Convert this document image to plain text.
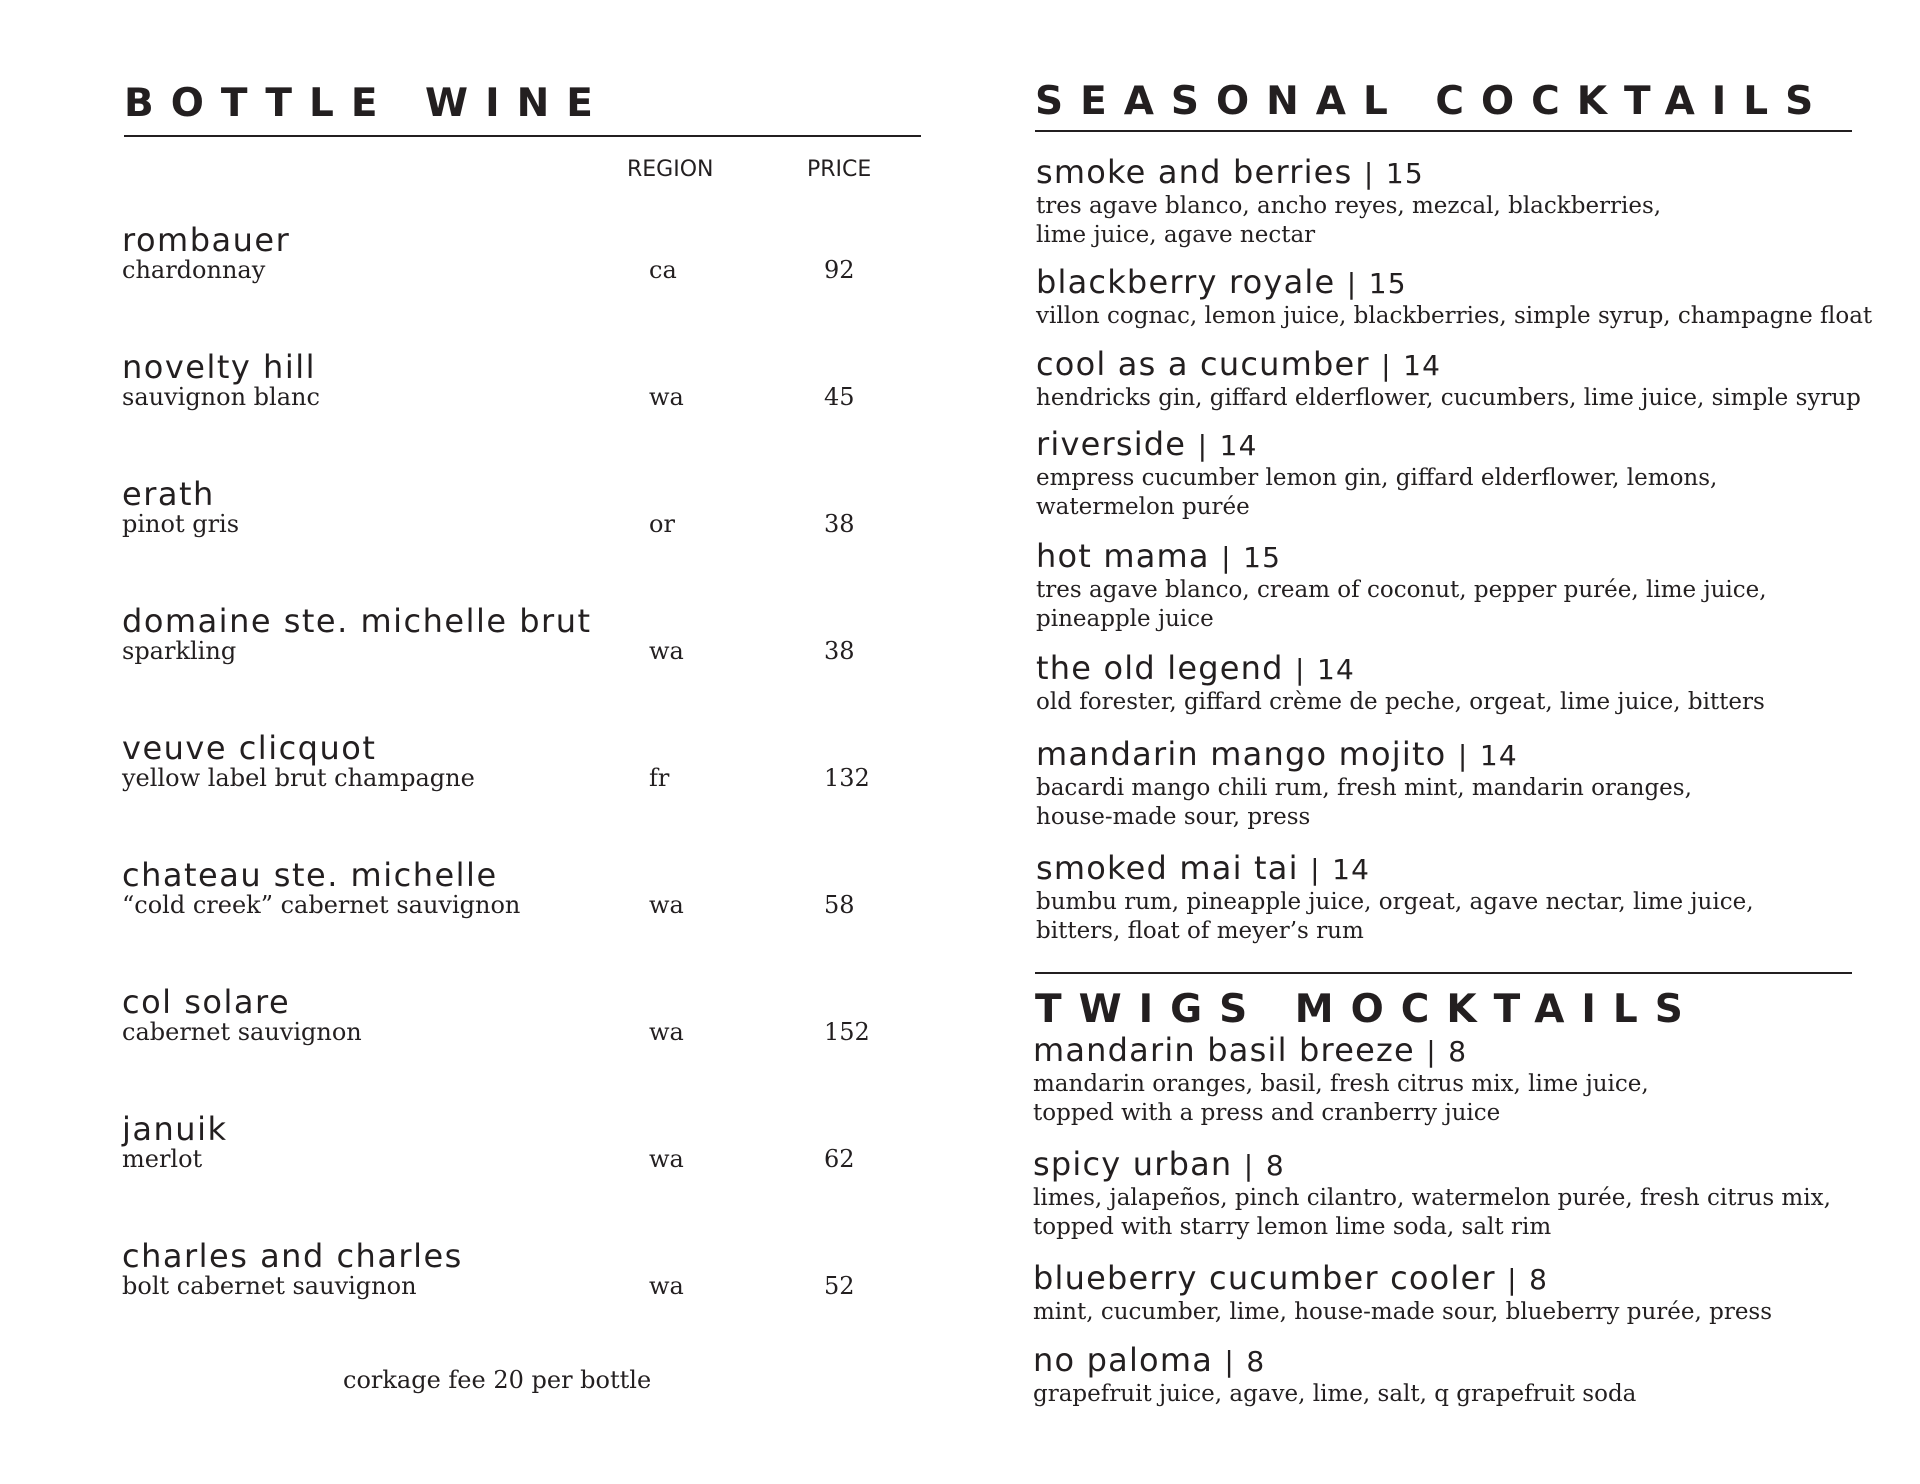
BOTTLE WINE
REGION	PRICE
rombauer
chardonnay	ca	92
novelty hill
sauvignon blanc	wa	45
erath
pinot gris	or	38
domaine ste. michelle brut
sparkling	wa	38
veuve clicquot
yellow label brut champagne	fr	132
chateau ste. michelle
“cold creek” cabernet sauvignon	wa	58
col solare
cabernet sauvignon	wa	152
januik
merlot	wa	62
charles and charles
bolt cabernet sauvignon	wa	52
corkage fee 20 per bottle
SEASONAL COCKTAILS
smoke and berries | 15
tres agave blanco, ancho reyes, mezcal, blackberries,
lime juice, agave nectar
blackberry royale | 15
villon cognac, lemon juice, blackberries, simple syrup, champagne float
cool as a cucumber | 14
hendricks gin, giffard elderflower, cucumbers, lime juice, simple syrup
riverside | 14
empress cucumber lemon gin, giffard elderflower, lemons,
watermelon purée
hot mama | 15
tres agave blanco, cream of coconut, pepper purée, lime juice,
pineapple juice
the old legend | 14
old forester, giffard crème de peche, orgeat, lime juice, bitters
mandarin mango mojito | 14
bacardi mango chili rum, fresh mint, mandarin oranges,
house-made sour, press
smoked mai tai | 14
bumbu rum, pineapple juice, orgeat, agave nectar, lime juice,
bitters, float of meyer’s rum
TWIGS MOCKTAILS
mandarin basil breeze | 8
mandarin oranges, basil, fresh citrus mix, lime juice,
topped with a press and cranberry juice
spicy urban | 8
limes, jalapeños, pinch cilantro, watermelon purée, fresh citrus mix,
topped with starry lemon lime soda, salt rim
blueberry cucumber cooler | 8
mint, cucumber, lime, house-made sour, blueberry purée, press
no paloma | 8
grapefruit juice, agave, lime, salt, q grapefruit soda
